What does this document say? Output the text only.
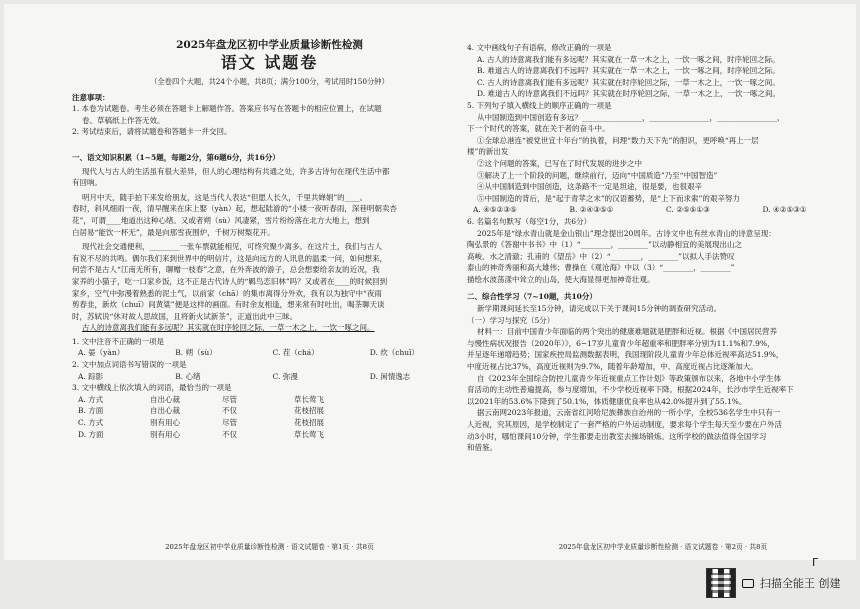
2025年盘龙区初中学业质量诊断性检测
语文 试题卷
（全卷四个大题，共24个小题，共8页；满分100分，考试用时150分钟）
注意事项：
1. 本卷为试题卷。考生必须在答题卡上解题作答。答案应书写在答题卡的相应位置上，在试题
卷、草稿纸上作答无效。
2. 考试结束后，请将试题卷和答题卡一并交回。
一、语文知识积累（1~5题，每题2分，第6题6分，共16分）
现代人与古人的生活虽有很大差异，但人的心理结构有共通之处，许多古诗句在现代生活中都
有回响。
明月中天，随手拍下来发给朋友，这是当代人表达“但愿人长久，千里共婵娟”的____。
春时，斜风细雨一夜，清早醒来在床上娶（yàn）起，想起陆游的“小楼一夜听春雨，深巷明朝卖杏
花”，可谓____地道出这种心绪。又或者朔（sù）风凄紧，雪片纷纷落在北方大地上，想到
白居易“能饮一杯无”，最是向那雪夜围炉，千树万树梨花开。
现代社会交通便利，________一张车票就能相见，可终究聚少离多。在这片土，我们与古人
有说不尽的共鸣。偶尔我们来到世界中的明信片，这是向远方的人讯息的温柔一问，如何想来，
何尝不是古人“江南无所有，聊赠一枝春”之意，在外奔波的游子，总会想要给亲友的近况，我
家养的小猫子，吃一口家乡饭，这不正是古代诗人的“羁鸟恋旧林”吗？又或者在____的时候回到
家乡，空气中弥漫着熟悉的泥土气，以前家（chā）的集市离得分外欢，我有以为独守中“夜雨
剪春韭，新炊（chuī）间黄粱”便是这样的画面。有时余友相逢，想来常有时吐出，喝茶聊天谈
时，苏轼说“休对故人思故国，且将新火试新茶”，正道出此中三昧。
古人的诗意离我们能有多远呢？其实就在时序轮回之际，一草一木之上，一饮一啄之间。
1. 文中注音不正确的一项是
A. 晏（yàn）	B. 朔（sù）	C. 茬（chá）	D. 炊（chuī）
2. 文中加点词语书写错误的一项是
A. 踪影	B. 心绪	C. 弥漫	D. 闲情逸志
3. 文中横线上依次填入的词语，最恰当的一项是
A. 方式	自出心裁	尽管	草长莺飞
B. 方面	自出心裁	不仅	花枝招展
C. 方式	别有用心	尽管	花枝招展
D. 方面	别有用心	不仅	草长莺飞
2025年盘龙区初中学业质量诊断性检测 · 语文试题卷 · 第1页 · 共8页
4. 文中画线句子有语病，修改正确的一项是
A. 古人的诗意离我们能有多远呢？其实就在一草一木之上，一饮一啄之间，时序轮回之际。
B. 难道古人的诗意离我们不远吗？其实就在一草一木之上，一饮一啄之间，时序轮回之际。
C. 古人的诗意离我们能有多远呢？其实就在时序轮回之际，一草一木之上，一饮一啄之间。
D. 难道古人的诗意离我们不远吗？其实就在时序轮回之际，一草一木之上，一饮一啄之间。
5. 下列句子填入横线上的顺序正确的一项是
从中国制造到中国创造有多远？________________，________________，________________，
下一个时代的答案，就在关于者的奋斗中。
①全球总港连“被党世宜十年台”的执着，问理“数力天下先”的胆识，更呼唤“再上一层
楼”的新出发
②这个问题的答案，已写在了时代发展的进步之中
③解决了上一个阶段的问题，继续前行，迈向“中国质造”乃至“中国智造”
④从中国制造到中国创造，这条路不一定是坦途，很是要，也很艰辛
⑤中国制造的背后，是“起于青苹之末”的汉语蓄势，是“上下而求索”的艰辛努力
A. ④⑤②③⑤	B. ②④③⑤①	C. ②⑤⑤①③	D. ④②⑤③①
6. 名篇名句默写（每空1分，共6分）
2025年是“绿水青山就是金山银山”理念提出20周年。古诗文中也有丝水青山的诗意呈现：
陶弘景的《答谢中书书》中（1）“________，________”以动静相宜的美展现出山之
高峻、水之清澈；孔甫的《望岳》中（2）“________，________”以拟人手法赞叹
泰山的神奇秀丽和高大雄伟；曹操在《观沧海》中以（3）“________，________”
描绘水波荡漾中耸立的山岛，使大海显得更加神奇壮观。
二、综合性学习（7~10题，共10分）
新学期课间延长至15分钟，请完成以下关于课间15分钟的调查研究活动。
（一）学习与探究（5分）
材料一：目前中国青少年面临的两个突出的健康难题就是肥胖和近视。根据《中国居民营养
与慢性病状况报告（2020年）》，6~17岁儿童青少年超重率和肥胖率分别为11.1%和7.9%，
并呈逐年递增趋势；国家疾控局监测数据表明，我国现阶段儿童青少年总体近视率高达51.9%，
中度近视占比37%，高度近视则为9.7%，随着年龄增加，中、高度近视占比逐渐加大。
自《2023年全国综合防控儿童青少年近视重点工作计划》等政策颁布以来，各地中小学生体
育活动的主动性普遍提高，参与度增加，不少学校近视率下降。根据2024年，长沙市学生近视率下
以2021年的53.6%下降到了50.1%，体质健康优良率也从42.0%提升到了55.1%。
据云南网2023年报道，云南省红河哈尼族彝族自治州的一所小学，全校536名学生中只有一
人近视，究其原因，是学校制定了一套严格的户外运动制度，要求每个学生每天至少要在户外活
动3小时，哪怕课间10分钟，学生都要走出教室去操场锻炼。这所学校的做法值得全国学习
和借鉴。
2025年盘龙区初中学业质量诊断性检测 · 语文试题卷 · 第2页 · 共8页
Г
扫描全能王 创建
